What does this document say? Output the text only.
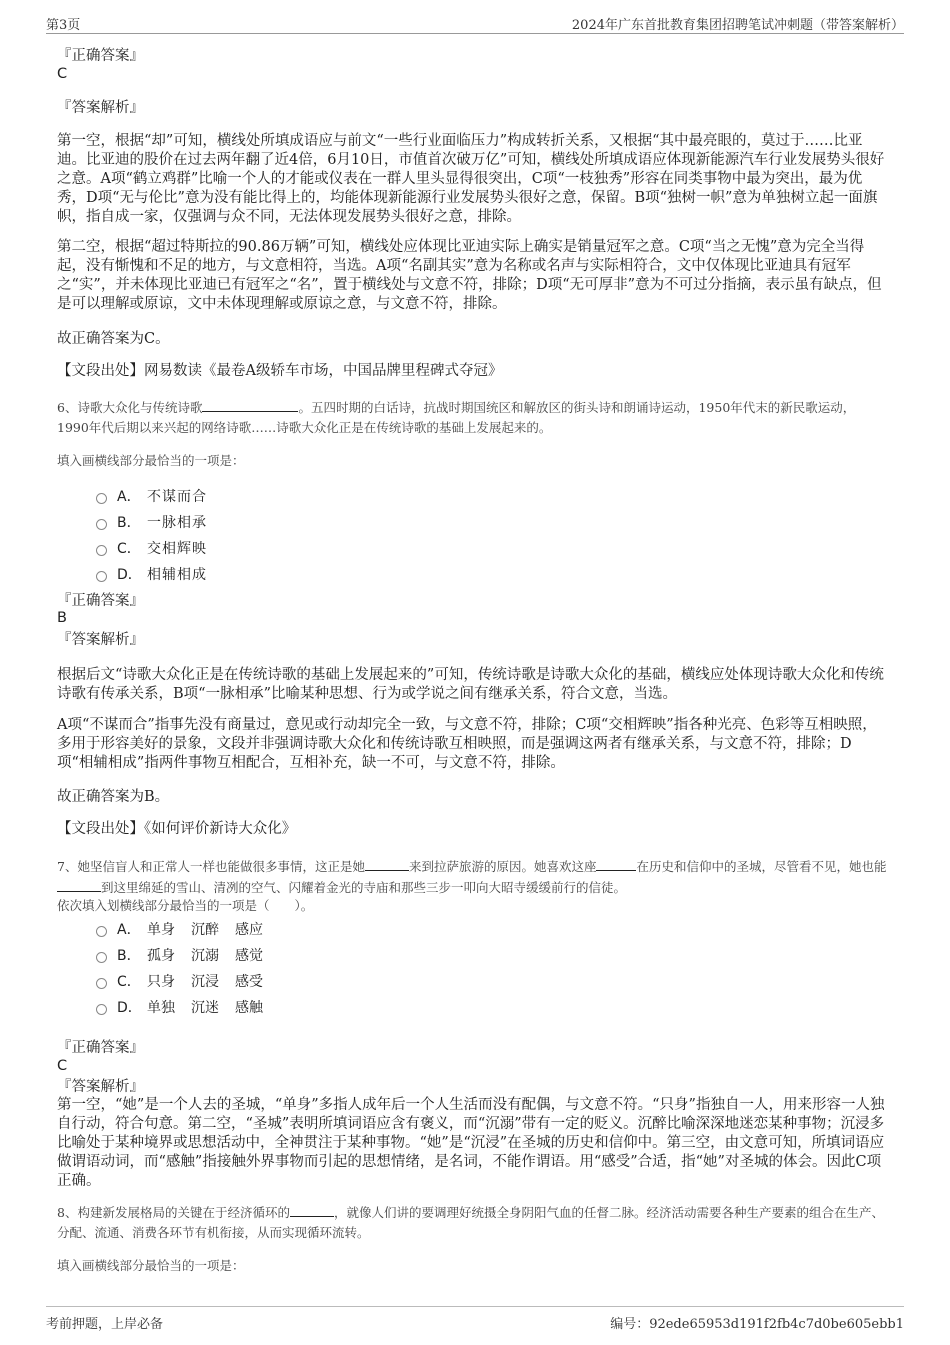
第3页	2024年广东首批教育集团招聘笔试冲刺题（带答案解析）
『正确答案』
C
『答案解析』
第一空，根据“却”可知，横线处所填成语应与前文“一些行业面临压力”构成转折关系，又根据“其中最亮眼的，莫过于……比亚迪。比亚迪的股价在过去两年翻了近4倍，6月10日，市值首次破万亿”可知，横线处所填成语应体现新能源汽车行业发展势头很好之意。A项“鹤立鸡群”比喻一个人的才能或仪表在一群人里头显得很突出，C项“一枝独秀”形容在同类事物中最为突出，最为优秀，D项“无与伦比”意为没有能比得上的，均能体现新能源行业发展势头很好之意，保留。B项“独树一帜”意为单独树立起一面旗帜，指自成一家，仅强调与众不同，无法体现发展势头很好之意，排除。
第二空，根据“超过特斯拉的90.86万辆”可知，横线处应体现比亚迪实际上确实是销量冠军之意。C项“当之无愧”意为完全当得起，没有惭愧和不足的地方，与文意相符，当选。A项“名副其实”意为名称或名声与实际相符合，文中仅体现比亚迪具有冠军之“实”，并未体现比亚迪已有冠军之“名”，置于横线处与文意不符，排除；D项“无可厚非”意为不可过分指摘，表示虽有缺点，但是可以理解或原谅，文中未体现理解或原谅之意，与文意不符，排除。
故正确答案为C。
【文段出处】网易数读《最卷A级轿车市场，中国品牌里程碑式夺冠》
6、诗歌大众化与传统诗歌	。五四时期的白话诗，抗战时期国统区和解放区的街头诗和朗诵诗运动，1950年代末的新民歌运动，1990年代后期以来兴起的网络诗歌……诗歌大众化正是在传统诗歌的基础上发展起来的。
填入画横线部分最恰当的一项是：
A． 不谋而合
B． 一脉相承
C． 交相辉映
D． 相辅相成
『正确答案』
B
『答案解析』
根据后文“诗歌大众化正是在传统诗歌的基础上发展起来的”可知，传统诗歌是诗歌大众化的基础，横线应处体现诗歌大众化和传统诗歌有传承关系，B项“一脉相承”比喻某种思想、行为或学说之间有继承关系，符合文意，当选。
A项“不谋而合”指事先没有商量过，意见或行动却完全一致，与文意不符，排除；C项“交相辉映”指各种光亮、色彩等互相映照，多用于形容美好的景象，文段并非强调诗歌大众化和传统诗歌互相映照，而是强调这两者有继承关系，与文意不符，排除；D项“相辅相成”指两件事物互相配合，互相补充，缺一不可，与文意不符，排除。
故正确答案为B。
【文段出处】《如何评价新诗大众化》
7、她坚信盲人和正常人一样也能做很多事情，这正是她	来到拉萨旅游的原因。她喜欢这座	在历史和信仰中的圣城，尽管看不见，她也能到这里绵延的雪山、清冽的空气、闪耀着金光的寺庙和那些三步一叩向大昭寺缓缓前行的信徒。
依次填入划横线部分最恰当的一项是（　　）。
A． 单身 沉醉 感应
B． 孤身 沉溺 感觉
C． 只身 沉浸 感受
D． 单独 沉迷 感触
『正确答案』
C
『答案解析』
第一空，“她”是一个人去的圣城，“单身”多指人成年后一个人生活而没有配偶，与文意不符。“只身”指独自一人，用来形容一人独自行动，符合句意。第二空，“圣城”表明所填词语应含有褒义，而“沉溺”带有一定的贬义。沉醉比喻深深地迷恋某种事物；沉浸多比喻处于某种境界或思想活动中，全神贯注于某种事物。“她”是“沉浸”在圣城的历史和信仰中。第三空，由文意可知，所填词语应做谓语动词，而“感触”指接触外界事物而引起的思想情绪，是名词，不能作谓语。用“感受”合适，指“她”对圣城的体会。因此C项正确。
8、构建新发展格局的关键在于经济循环的	，就像人们讲的要调理好统摄全身阴阳气血的任督二脉。经济活动需要各种生产要素的组合在生产、分配、流通、消费各环节有机衔接，从而实现循环流转。
填入画横线部分最恰当的一项是：
考前押题，上岸必备	编号：92ede65953d191f2fb4c7d0be605ebb1
